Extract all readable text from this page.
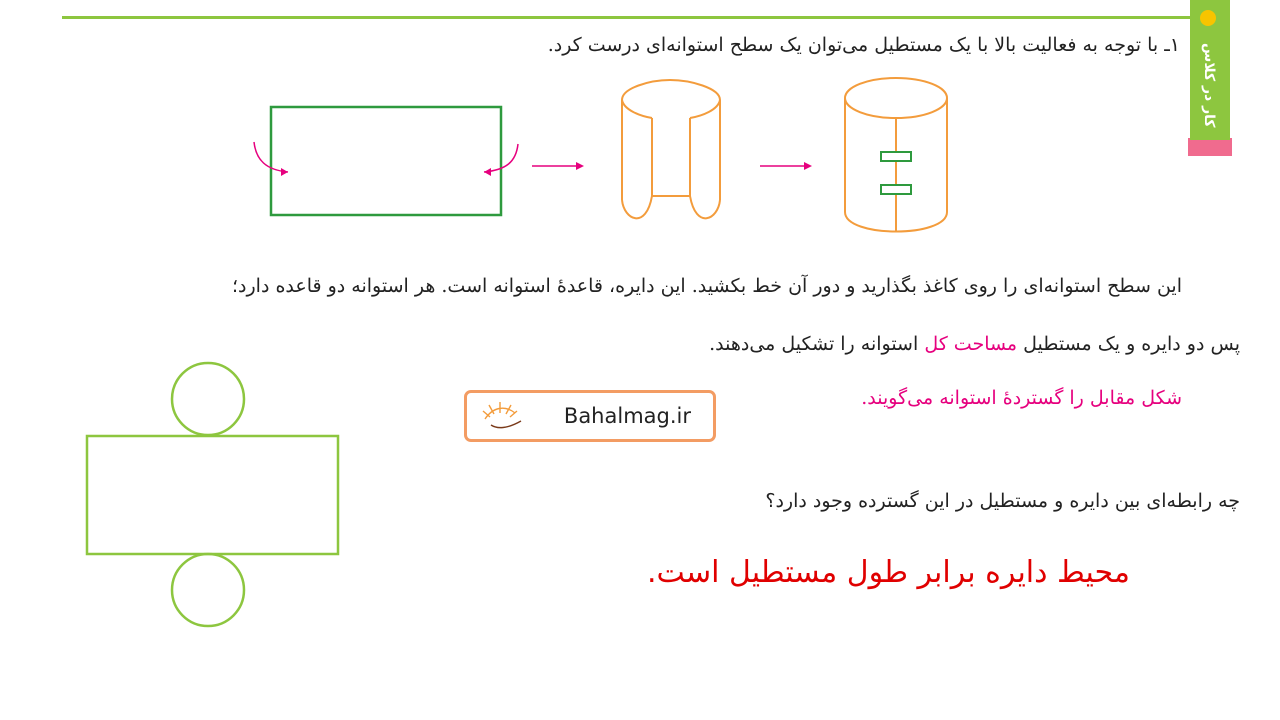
کار در کلاس
۱ـ با توجه به فعالیت بالا با یک مستطیل می‌توان یک سطح استوانه‌ای درست کرد.
این سطح استوانه‌ای را روی کاغذ بگذارید و دور آن خط بکشید. این دایره، قاعدهٔ استوانه است. هر استوانه دو قاعده دارد؛
پس دو دایره و یک مستطیل مساحت کل استوانه را تشکیل می‌دهند.
شکل مقابل را گستردهٔ استوانه می‌گویند.
Bahalmag.ir
چه رابطه‌ای بین دایره و مستطیل در این گسترده وجود دارد؟
محیط دایره برابر طول مستطیل است.
